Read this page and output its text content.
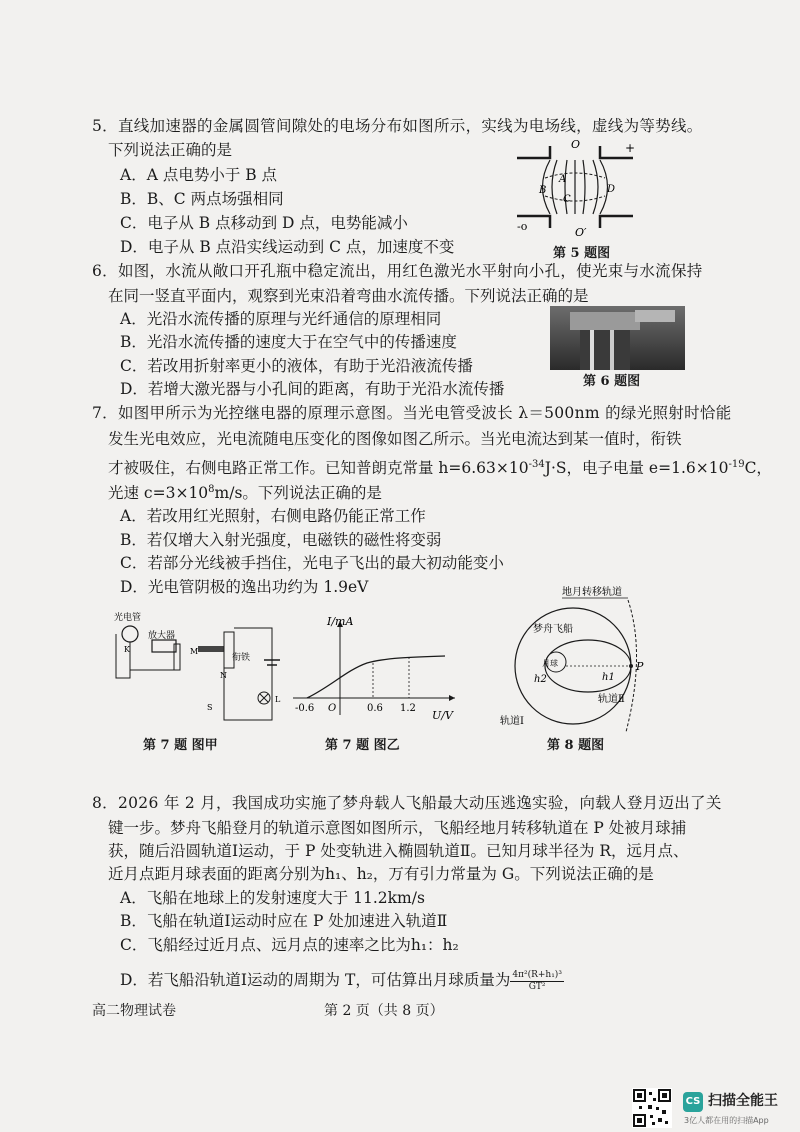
5．直线加速器的金属圆管间隙处的电场分布如图所示，实线为电场线，虚线为等势线。
下列说法正确的是
A．A 点电势小于 B 点
B．B、C 两点场强相同
C．电子从 B 点移动到 D 点，电势能减小
D．电子从 B 点沿实线运动到 C 点，加速度不变
O
O′
A
B
C
D
+
-o
第 5 题图
6．如图，水流从敞口开孔瓶中稳定流出，用红色激光水平射向小孔，使光束与水流保持
在同一竖直平面内，观察到光束沿着弯曲水流传播。下列说法正确的是
A．光沿水流传播的原理与光纤通信的原理相同
B．光沿水流传播的速度大于在空气中的传播速度
C．若改用折射率更小的液体，有助于光沿液流传播
D．若增大激光器与小孔间的距离，有助于光沿水流传播	第 6 题图
7．如图甲所示为光控继电器的原理示意图。当光电管受波长 λ＝500nm 的绿光照射时恰能
发生光电效应，光电流随电压变化的图像如图乙所示。当光电流达到某一值时，衔铁
才被吸住，右侧电路正常工作。已知普朗克常量 $h=6.63\times 10^{-34}J\cdot S$，电子电量 $e=1.6\times 10^{-19}C$，
光速 $c=3\times 10^8m/s$。下列说法正确的是
A．若改用红光照射，右侧电路仍能正常工作
B．若仅增大入射光强度，电磁铁的磁性将变弱
C．若部分光线被手挡住，光电子飞出的最大初动能变小
D．光电管阴极的逸出功约为 1.9eV
光电管
K
放大器
M
衔铁
N
L
S
第 7 题 图甲
I/mA
U/V
O
-0.6	0.6 1.2
第 7 题 图乙
地月转移轨道
月球
梦舟飞船
P
h1
h2
轨道Ⅱ
轨道Ⅰ
第 8 题图
8．2026 年 2 月，我国成功实施了梦舟载人飞船最大动压逃逸实验，向载人登月迈出了关
键一步。梦舟飞船登月的轨道示意图如图所示，飞船经地月转移轨道在 P 处被月球捕
获，随后沿圆轨道Ⅰ运动，于 P 处变轨进入椭圆轨道Ⅱ。已知月球半径为 R，远月点、
近月点距月球表面的距离分别为h₁、h₂，万有引力常量为 G。下列说法正确的是
A．飞船在地球上的发射速度大于 11.2km/s
B．飞船在轨道Ⅰ运动时应在 P 处加速进入轨道Ⅱ
C．飞船经过近月点、远月点的速率之比为h₁：h₂
D．若飞船沿轨道Ⅰ运动的周期为 T，可估算出月球质量为 $\frac{\text{4π²(R+h₁)³}}{\text{GT²}}$
高二物理试卷	第 2 页（共 8 页）
CS 扫描全能王
3亿人都在用的扫描App
